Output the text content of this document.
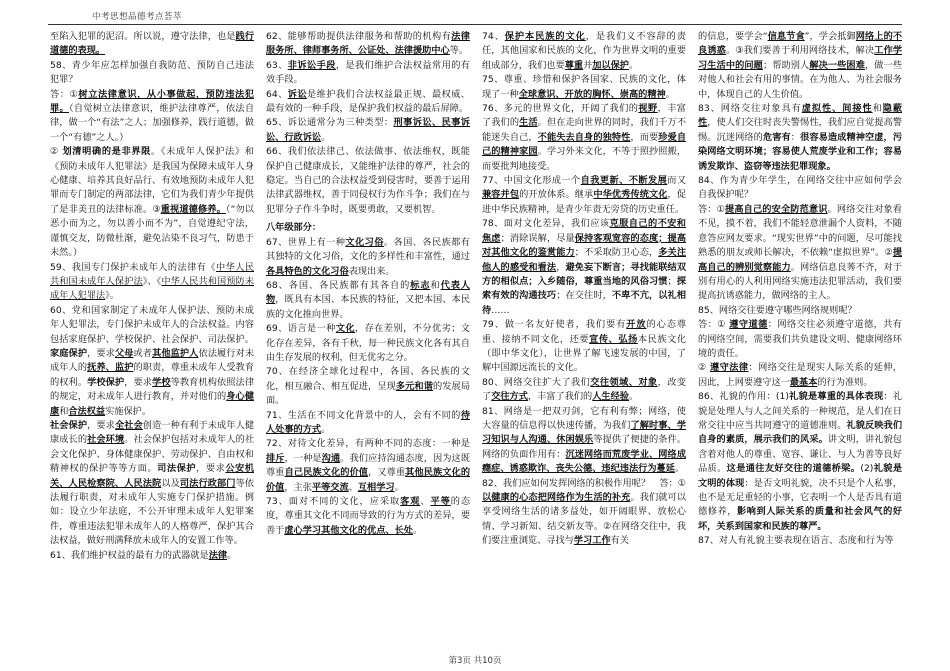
中考思想品德考点荟萃

至陷入犯罪的泥沼。所以说，遵守法律，也是践行道德的表现。

58、青少年应怎样加强自我防范、预防自己违法犯罪？

答：①树立法律意识，从小事做起，预防违法犯罪。（自觉树立法律意识，维护法律尊严，依法自律，做一个“有法”之人；加强修养，践行道德，做一个“有德”之人。）

② 划清明确的是非界限。《未成年人保护法》和《预防未成年人犯罪法》是我国为保障未成年人身心健康、培养其良好品行、有效地预防未成年人犯罪而专门制定的两部法律，它们为我们青少年提供了是非美丑的法律标准。③重视道德修养。（“勿以恶小而为之，勿以善小而不为”，自觉遵纪守法，谨慎交友，防微杜渐，避免沾染不良习气，防患于未然。）

59、我国专门保护未成年人的法律有《中华人民共和国未成年人保护法》、《中华人民共和国预防未成年人犯罪法》。

60、党和国家制定了未成年人保护法、预防未成年人犯罪法，专门保护未成年人的合法权益。内容包括家庭保护、学校保护、社会保护、司法保护。家庭保护，要求父母或者其他监护人依法履行对未成年人的抚养、监护的职责，尊重未成年人受教育的权利。学校保护，要求学校等教育机构依照法律的规定，对未成年人进行教育，并对他们的身心健康和合法权益实施保护。

社会保护，要求全社会创造一种有利于未成年人健康成长的社会环境。社会保护包括对未成年人的社会文化保护、身体健康保护、劳动保护、自由权和精神权的保护等等方面。司法保护，要求公安机关、人民检察院、人民法院以及司法行政部门等依法履行职责，对未成年人实施专门保护措施。例如：设立少年法庭，不公开审理未成年人犯罪案件，尊重违法犯罪未成年人的人格尊严，保护其合法权益，做好刑满释放未成年人的安置工作等。

61、我们维护权益的最有力的武器就是法律。

62、能够帮助提供法律服务和帮助的机构有法律服务所、律师事务所、公证处、法律援助中心等。

63、非诉讼手段，是我们维护合法权益常用的有效手段。

64、诉讼是维护我们合法权益最正规、最权威、最有效的一种手段，是保护我们权益的最后屏障。

65、诉讼通常分为三种类型：刑事诉讼、民事诉讼、行政诉讼。

66、我们依法律己、依法做事、依法维权，既能保护自己健康成长，又能维护法律的尊严，社会的稳定。当自己的合法权益受到侵害时，要善于运用法律武器维权，善于同侵权行为作斗争；我们在与犯罪分子作斗争时，既要勇敢，又要机智。

八年级部分：

67、世界上有一种文化习俗。各国、各民族都有其独特的文化习俗，文化的多样性和丰富性，通过各具特色的文化习俗表现出来。

68、各国、各民族都有其各自的标志和代表人物，既具有本国、本民族的特征，又把本国、本民族的文化推向世界。

69、语言是一种文化，存在差别，不分优劣；文化存在差异，各有千秋，每一种民族文化各有其自由生存发展的权利，但无优劣之分。

70、在经济全球化过程中，各国、各民族的文化，相互融合、相互促进，呈现多元和谐的发展局面。

71、生活在不同文化背景中的人，会有不同的待人处事的方式。

72、对待文化差异，有两种不同的态度：一种是排斥，一种是沟通。我们应持沟通态度，因为这既尊重自己民族文化的价值，又尊重其他民族文化的价值，主张平等交流、互相学习。

73、面对不同的文化，应采取客观、平等的态度，尊重其文化不同而导致的行为方式的差异，要善于虚心学习其他文化的优点、长处。

74、保护本民族的文化，是我们义不容辞的责任，其他国家和民族的文化，作为世界文明的重要组成部分，我们也要尊重并加以保护。

75、尊重、珍惜和保护各国家、民族的文化，体现了一种全球意识、开放的胸怀、崇高的精神。

76、多元的世界文化，开阔了我们的视野，丰富了我们的生活。但在走向世界的同时，我们千万不能迷失自己，不能失去自身的独特性，而要珍爱自己的精神家园。学习外来文化，不等于照抄照搬，而要批判地接受。

77、中国文化形成一个自我更新、不断发展而又兼容并包的开放体系。继承中华优秀传统文化，促进中华民族精神，是青少年责无旁贷的历史重任。

78、面对文化差异，我们应该克服自己的不安和焦虑；消除误解，尽量保持客观宽容的态度；提高对其他文化的鉴赏能力；不采取防卫心态，多关注他人的感受和看法，避免妄下断言；寻找能联结双方的相似点；入乡随俗，尊重当地的风俗习惯；探索有效的沟通技巧；在交往时，不卑不亢，以礼相待……

79、做一名友好使者，我们要有开放的心态尊重、接纳不同文化，还要宣传、弘扬本民族文化（即中华文化），让世界了解飞速发展的中国，了解中国源远流长的文化。

80、网络交往扩大了我们交往领域、对象，改变了交往方式，丰富了我们的人生经验。

81、网络是一把双刃剑，它有利有弊；网络，使大容量的信息得以快速传播，为我们了解时事、学习知识与人沟通、休闲娱乐等提供了便捷的条件。网络的负面作用有：沉迷网络而荒废学业、网络成瘾症、诱惑欺诈、丧失公德、违纪违法行为蔓延。

82、我们应如何发挥网络的积极作用呢？　答：①以健康的心态把网络作为生活的补充。我们就可以享受网络生活的诸多益处，如开阔眼界、放松心情、学习新知、结交新友等。②在网络交往中，我们要注重浏览、寻找与学习工作有关

的信息，要学会“信息节食”，学会抵御网络上的不良诱惑。③我们要善于利用网络技术，解决工作学习生活中的问题；帮助别人解决一些困难，做一些对他人和社会有用的事情。在为他人、为社会服务中，体现自己的人生价值。

83、网络交往对象具有虚拟性、间接性和隐蔽性，使人们交往时丧失警惕性，我们应自觉提高警惕。沉迷网络的危害有：很容易造成精神空虚，污染网络文明环境；容易使人荒废学业和工作；容易诱发欺诈、盗窃等违法犯罪现象。

84、作为青少年学生，在网络交往中应如何学会自我保护呢？

答：①提高自己的安全防范意识。网络交往对象看不见，摸不着，我们不能轻意泄漏个人资料，不随意答应网友要求。“现实世界”中的问题，尽可能找熟悉的朋友或师长解决，不依赖“虚拟世界”。②提高自己的辨别觉察能力。网络信息良莠不齐，对于别有用心的人利用网络实施违法犯罪活动，我们要提高抗诱惑能力，做网络的主人。

85、网络交往要遵守哪些网络规则呢？

答：① 遵守道德：网络交往必须遵守道德，共有的网络空间，需要我们共负建设文明、健康网络环境的责任。

② 遵守法律：网络交往是现实人际关系的延伸，因此，上网要遵守这一最基本的行为准则。

86、礼貌的作用：(1)礼貌是尊重的具体表现：礼貌是处理人与人之间关系的一种规范，是人们在日常交往中应当共同遵守的道德准则。礼貌反映我们自身的素质，展示我们的风采。讲文明，讲礼貌包含着对他人的尊重、宽容、谦让、与人为善等良好品质。这是通往友好交往的道德桥梁。(2)礼貌是文明的体现：是否文明礼貌，决不只是个人私事，也不是无足重轻的小事，它表明一个人是否具有道德修养，影响到人际关系的质量和社会风气的好坏，关系到国家和民族的尊严。

87、对人有礼貌主要表现在语言、态度和行为等

第3页 共10页
